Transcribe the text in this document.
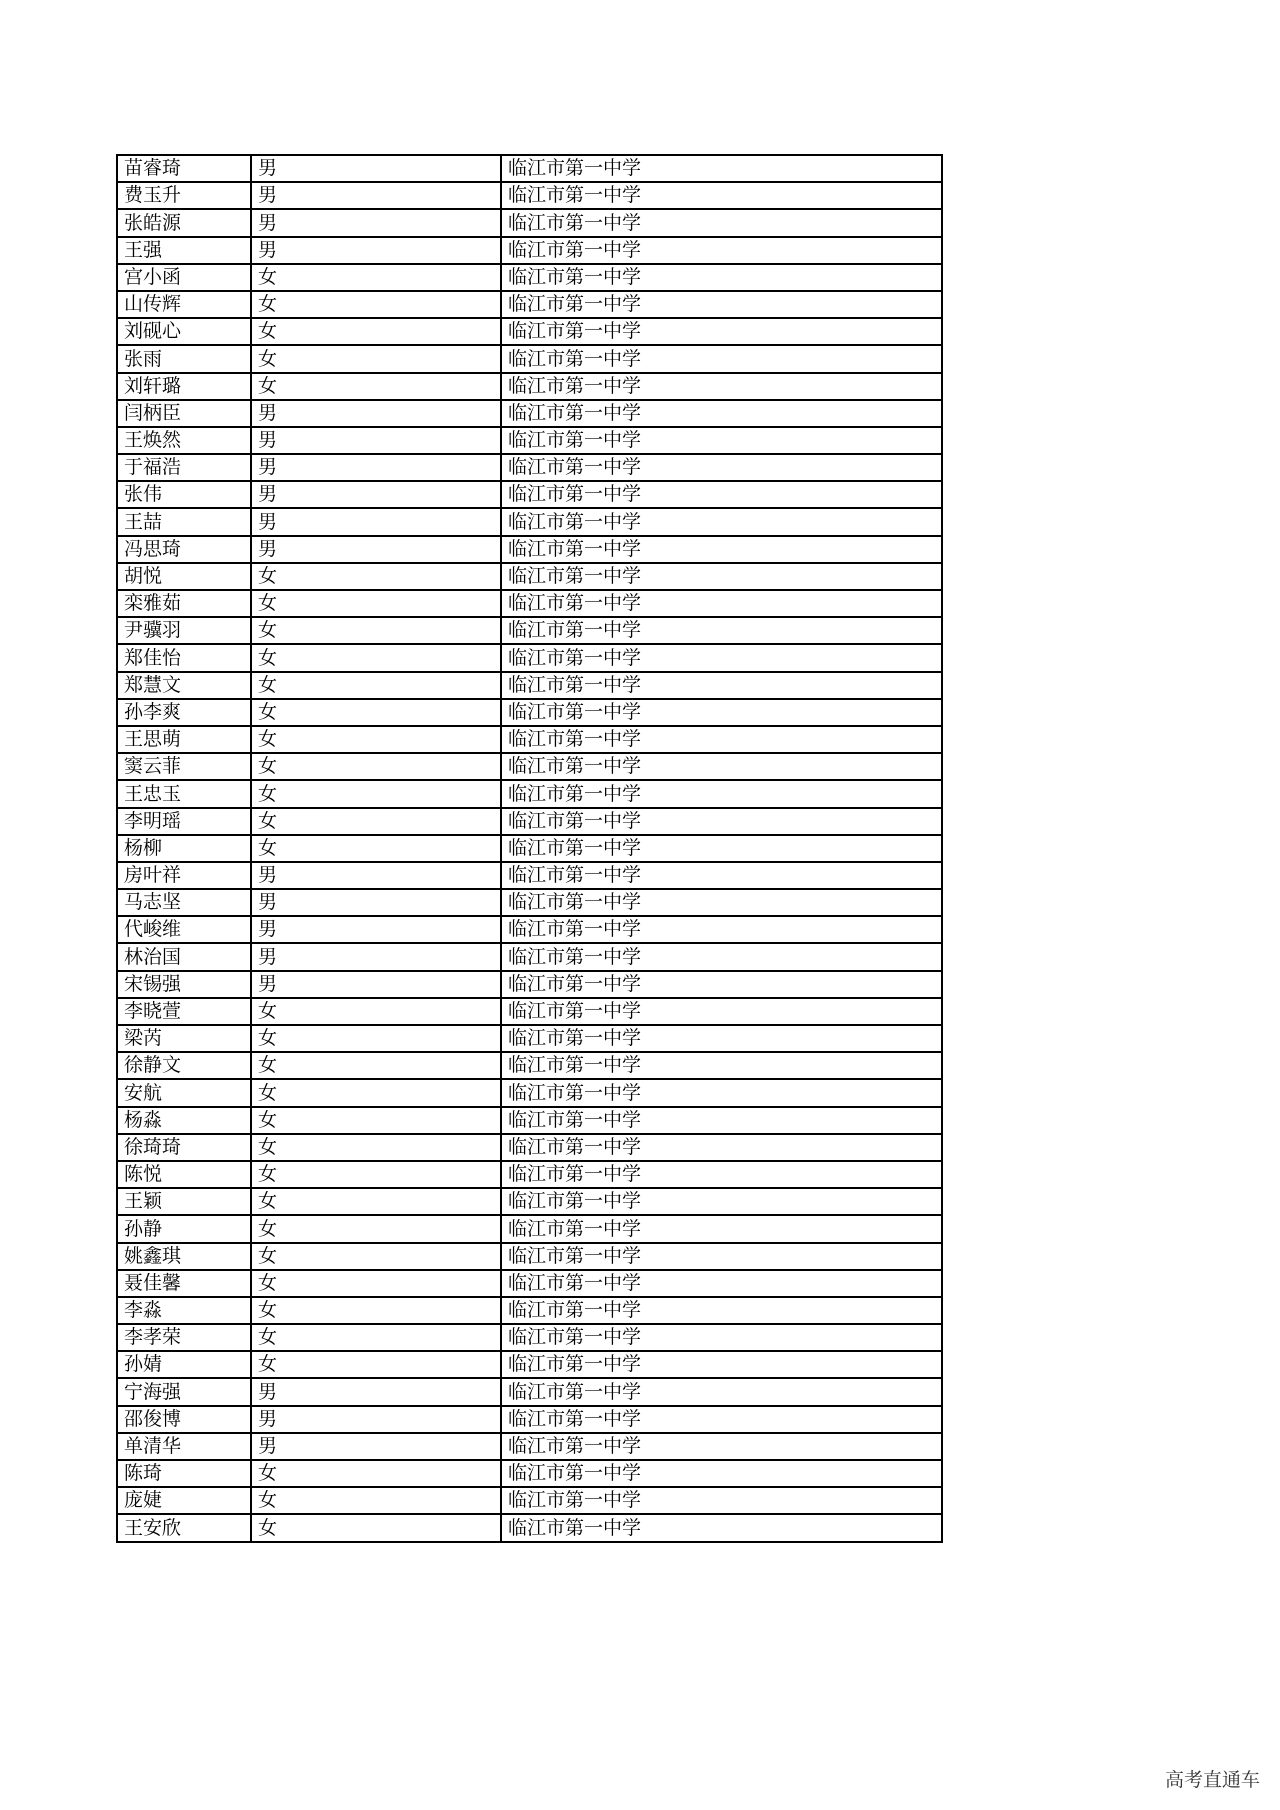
苗睿琦	男	临江市第一中学
费玉升	男	临江市第一中学
张皓源	男	临江市第一中学
王强	男	临江市第一中学
宫小函	女	临江市第一中学
山传辉	女	临江市第一中学
刘砚心	女	临江市第一中学
张雨	女	临江市第一中学
刘轩璐	女	临江市第一中学
闫柄臣	男	临江市第一中学
王焕然	男	临江市第一中学
于福浩	男	临江市第一中学
张伟	男	临江市第一中学
王喆	男	临江市第一中学
冯思琦	男	临江市第一中学
胡悦	女	临江市第一中学
栾雅茹	女	临江市第一中学
尹骥羽	女	临江市第一中学
郑佳怡	女	临江市第一中学
郑慧文	女	临江市第一中学
孙李爽	女	临江市第一中学
王思萌	女	临江市第一中学
窦云菲	女	临江市第一中学
王忠玉	女	临江市第一中学
李明瑶	女	临江市第一中学
杨柳	女	临江市第一中学
房叶祥	男	临江市第一中学
马志坚	男	临江市第一中学
代峻维	男	临江市第一中学
林治国	男	临江市第一中学
宋锡强	男	临江市第一中学
李晓萱	女	临江市第一中学
梁芮	女	临江市第一中学
徐静文	女	临江市第一中学
安航	女	临江市第一中学
杨淼	女	临江市第一中学
徐琦琦	女	临江市第一中学
陈悦	女	临江市第一中学
王颖	女	临江市第一中学
孙静	女	临江市第一中学
姚鑫琪	女	临江市第一中学
聂佳馨	女	临江市第一中学
李淼	女	临江市第一中学
李孝荣	女	临江市第一中学
孙婧	女	临江市第一中学
宁海强	男	临江市第一中学
邵俊博	男	临江市第一中学
单清华	男	临江市第一中学
陈琦	女	临江市第一中学
庞婕	女	临江市第一中学
王安欣	女	临江市第一中学
高考直通车
